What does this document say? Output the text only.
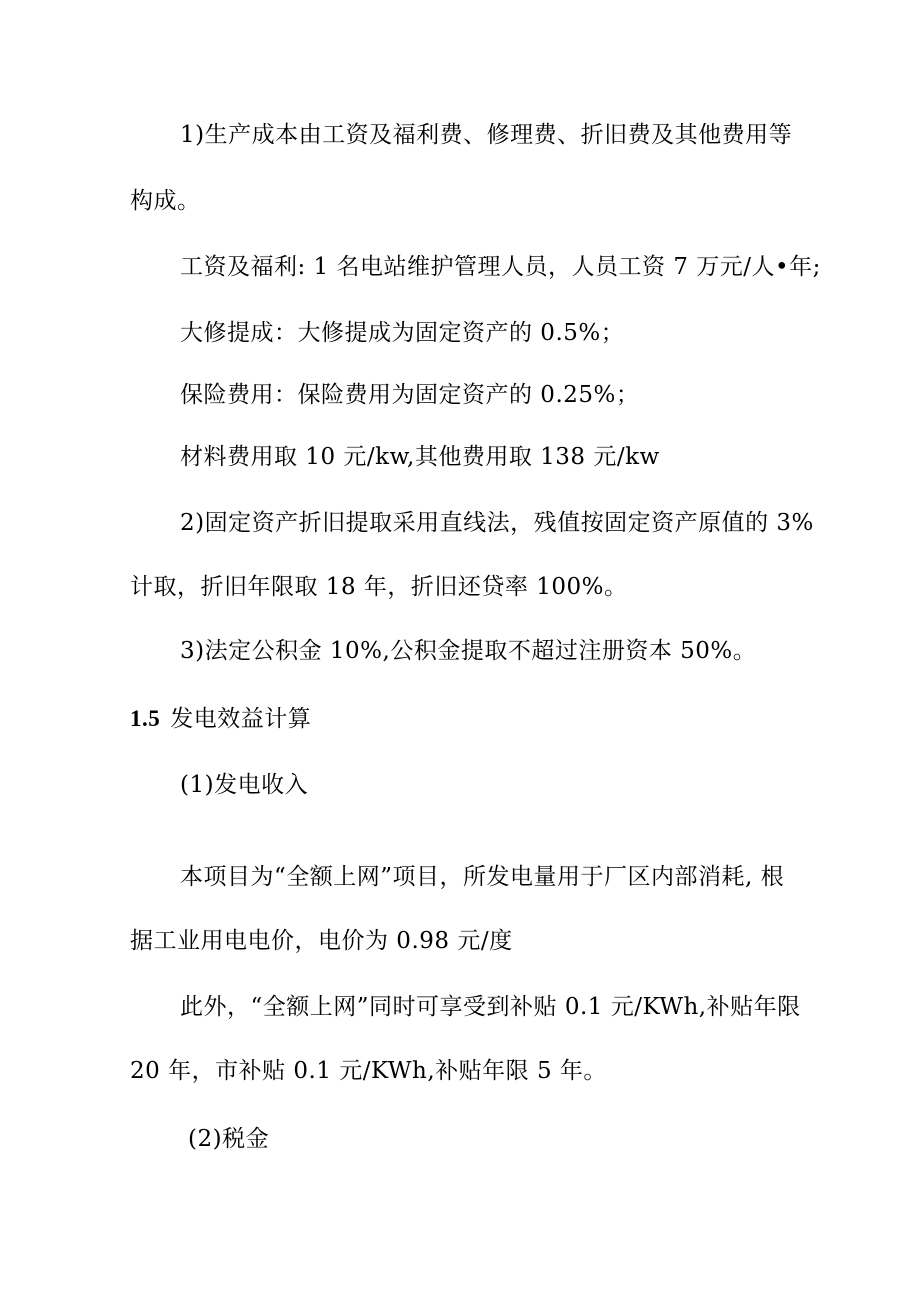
1)生产成本由工资及福利费、修理费、折旧费及其他费用等
构成。
工资及福利: 1 名电站维护管理人员，人员工资 7 万元/人•年;
大修提成：大修提成为固定资产的 0.5%；
保险费用：保险费用为固定资产的 0.25%；
材料费用取 10 元/kw,其他费用取 138 元/kw
2)固定资产折旧提取采用直线法，残值按固定资产原值的 3%
计取，折旧年限取 18 年，折旧还贷率 100%。
3)法定公积金 10%,公积金提取不超过注册资本 50%。
1.5 发电效益计算
(1)发电收入
本项目为“全额上网”项目，所发电量用于厂区内部消耗, 根
据工业用电电价，电价为 0.98 元/度
此外，“全额上网”同时可享受到补贴 0.1 元/KWh,补贴年限
20 年，市补贴 0.1 元/KWh,补贴年限 5 年。
(2)税金
